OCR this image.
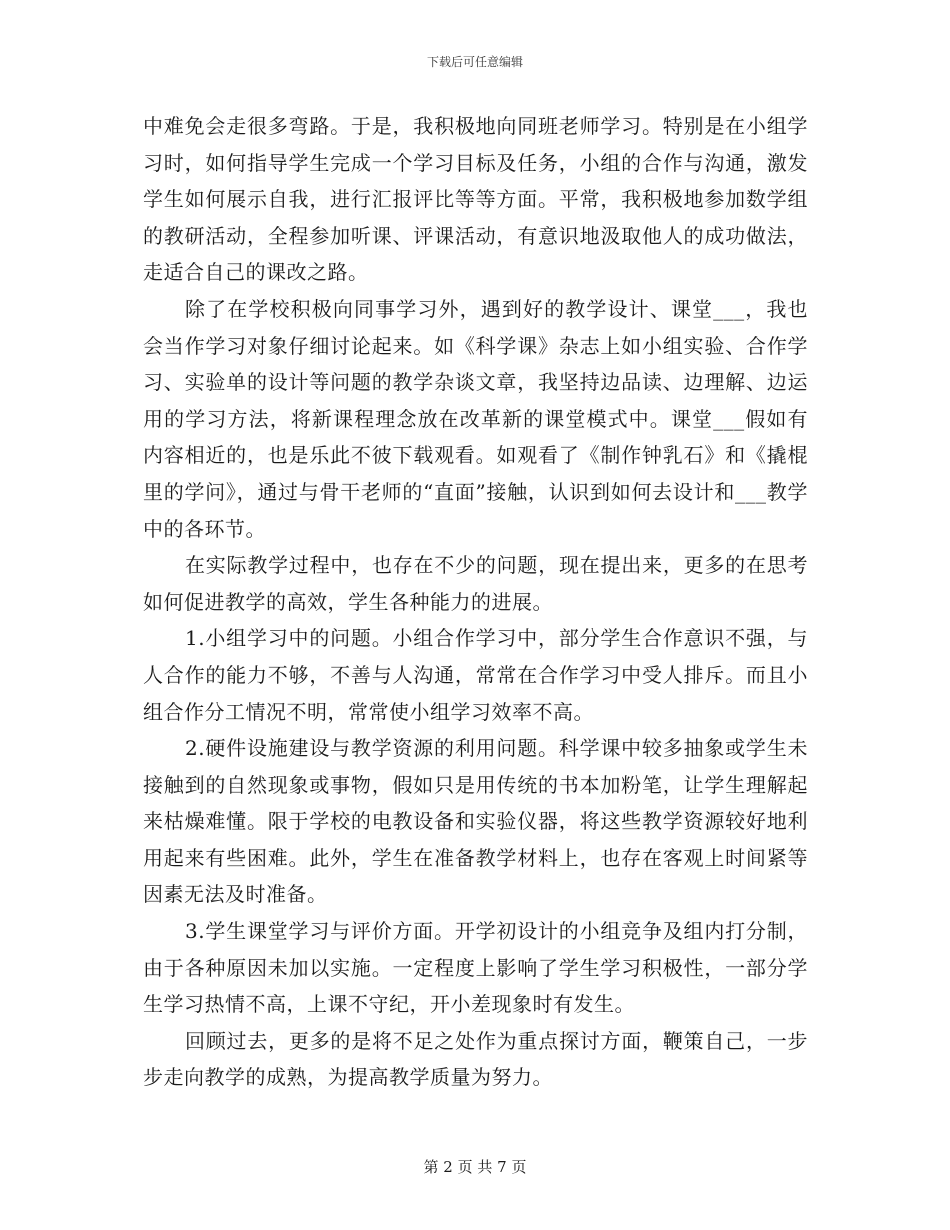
下载后可任意编辑

中难免会走很多弯路。于是，我积极地向同班老师学习。特别是在小组学习时，如何指导学生完成一个学习目标及任务，小组的合作与沟通，激发学生如何展示自我，进行汇报评比等等方面。平常，我积极地参加数学组的教研活动，全程参加听课、评课活动，有意识地汲取他人的成功做法，走适合自己的课改之路。

除了在学校积极向同事学习外，遇到好的教学设计、课堂___，我也会当作学习对象仔细讨论起来。如《科学课》杂志上如小组实验、合作学习、实验单的设计等问题的教学杂谈文章，我坚持边品读、边理解、边运用的学习方法，将新课程理念放在改革新的课堂模式中。课堂___假如有内容相近的，也是乐此不彼下载观看。如观看了《制作钟乳石》和《撬棍里的学问》，通过与骨干老师的“直面”接触，认识到如何去设计和___教学中的各环节。

在实际教学过程中，也存在不少的问题，现在提出来，更多的在思考如何促进教学的高效，学生各种能力的进展。

1.小组学习中的问题。小组合作学习中，部分学生合作意识不强，与人合作的能力不够，不善与人沟通，常常在合作学习中受人排斥。而且小组合作分工情况不明，常常使小组学习效率不高。

2.硬件设施建设与教学资源的利用问题。科学课中较多抽象或学生未接触到的自然现象或事物，假如只是用传统的书本加粉笔，让学生理解起来枯燥难懂。限于学校的电教设备和实验仪器，将这些教学资源较好地利用起来有些困难。此外，学生在准备教学材料上，也存在客观上时间紧等因素无法及时准备。

3.学生课堂学习与评价方面。开学初设计的小组竞争及组内打分制，由于各种原因未加以实施。一定程度上影响了学生学习积极性，一部分学生学习热情不高，上课不守纪，开小差现象时有发生。

回顾过去，更多的是将不足之处作为重点探讨方面，鞭策自己，一步步走向教学的成熟，为提高教学质量为努力。

第 2 页 共 7 页
